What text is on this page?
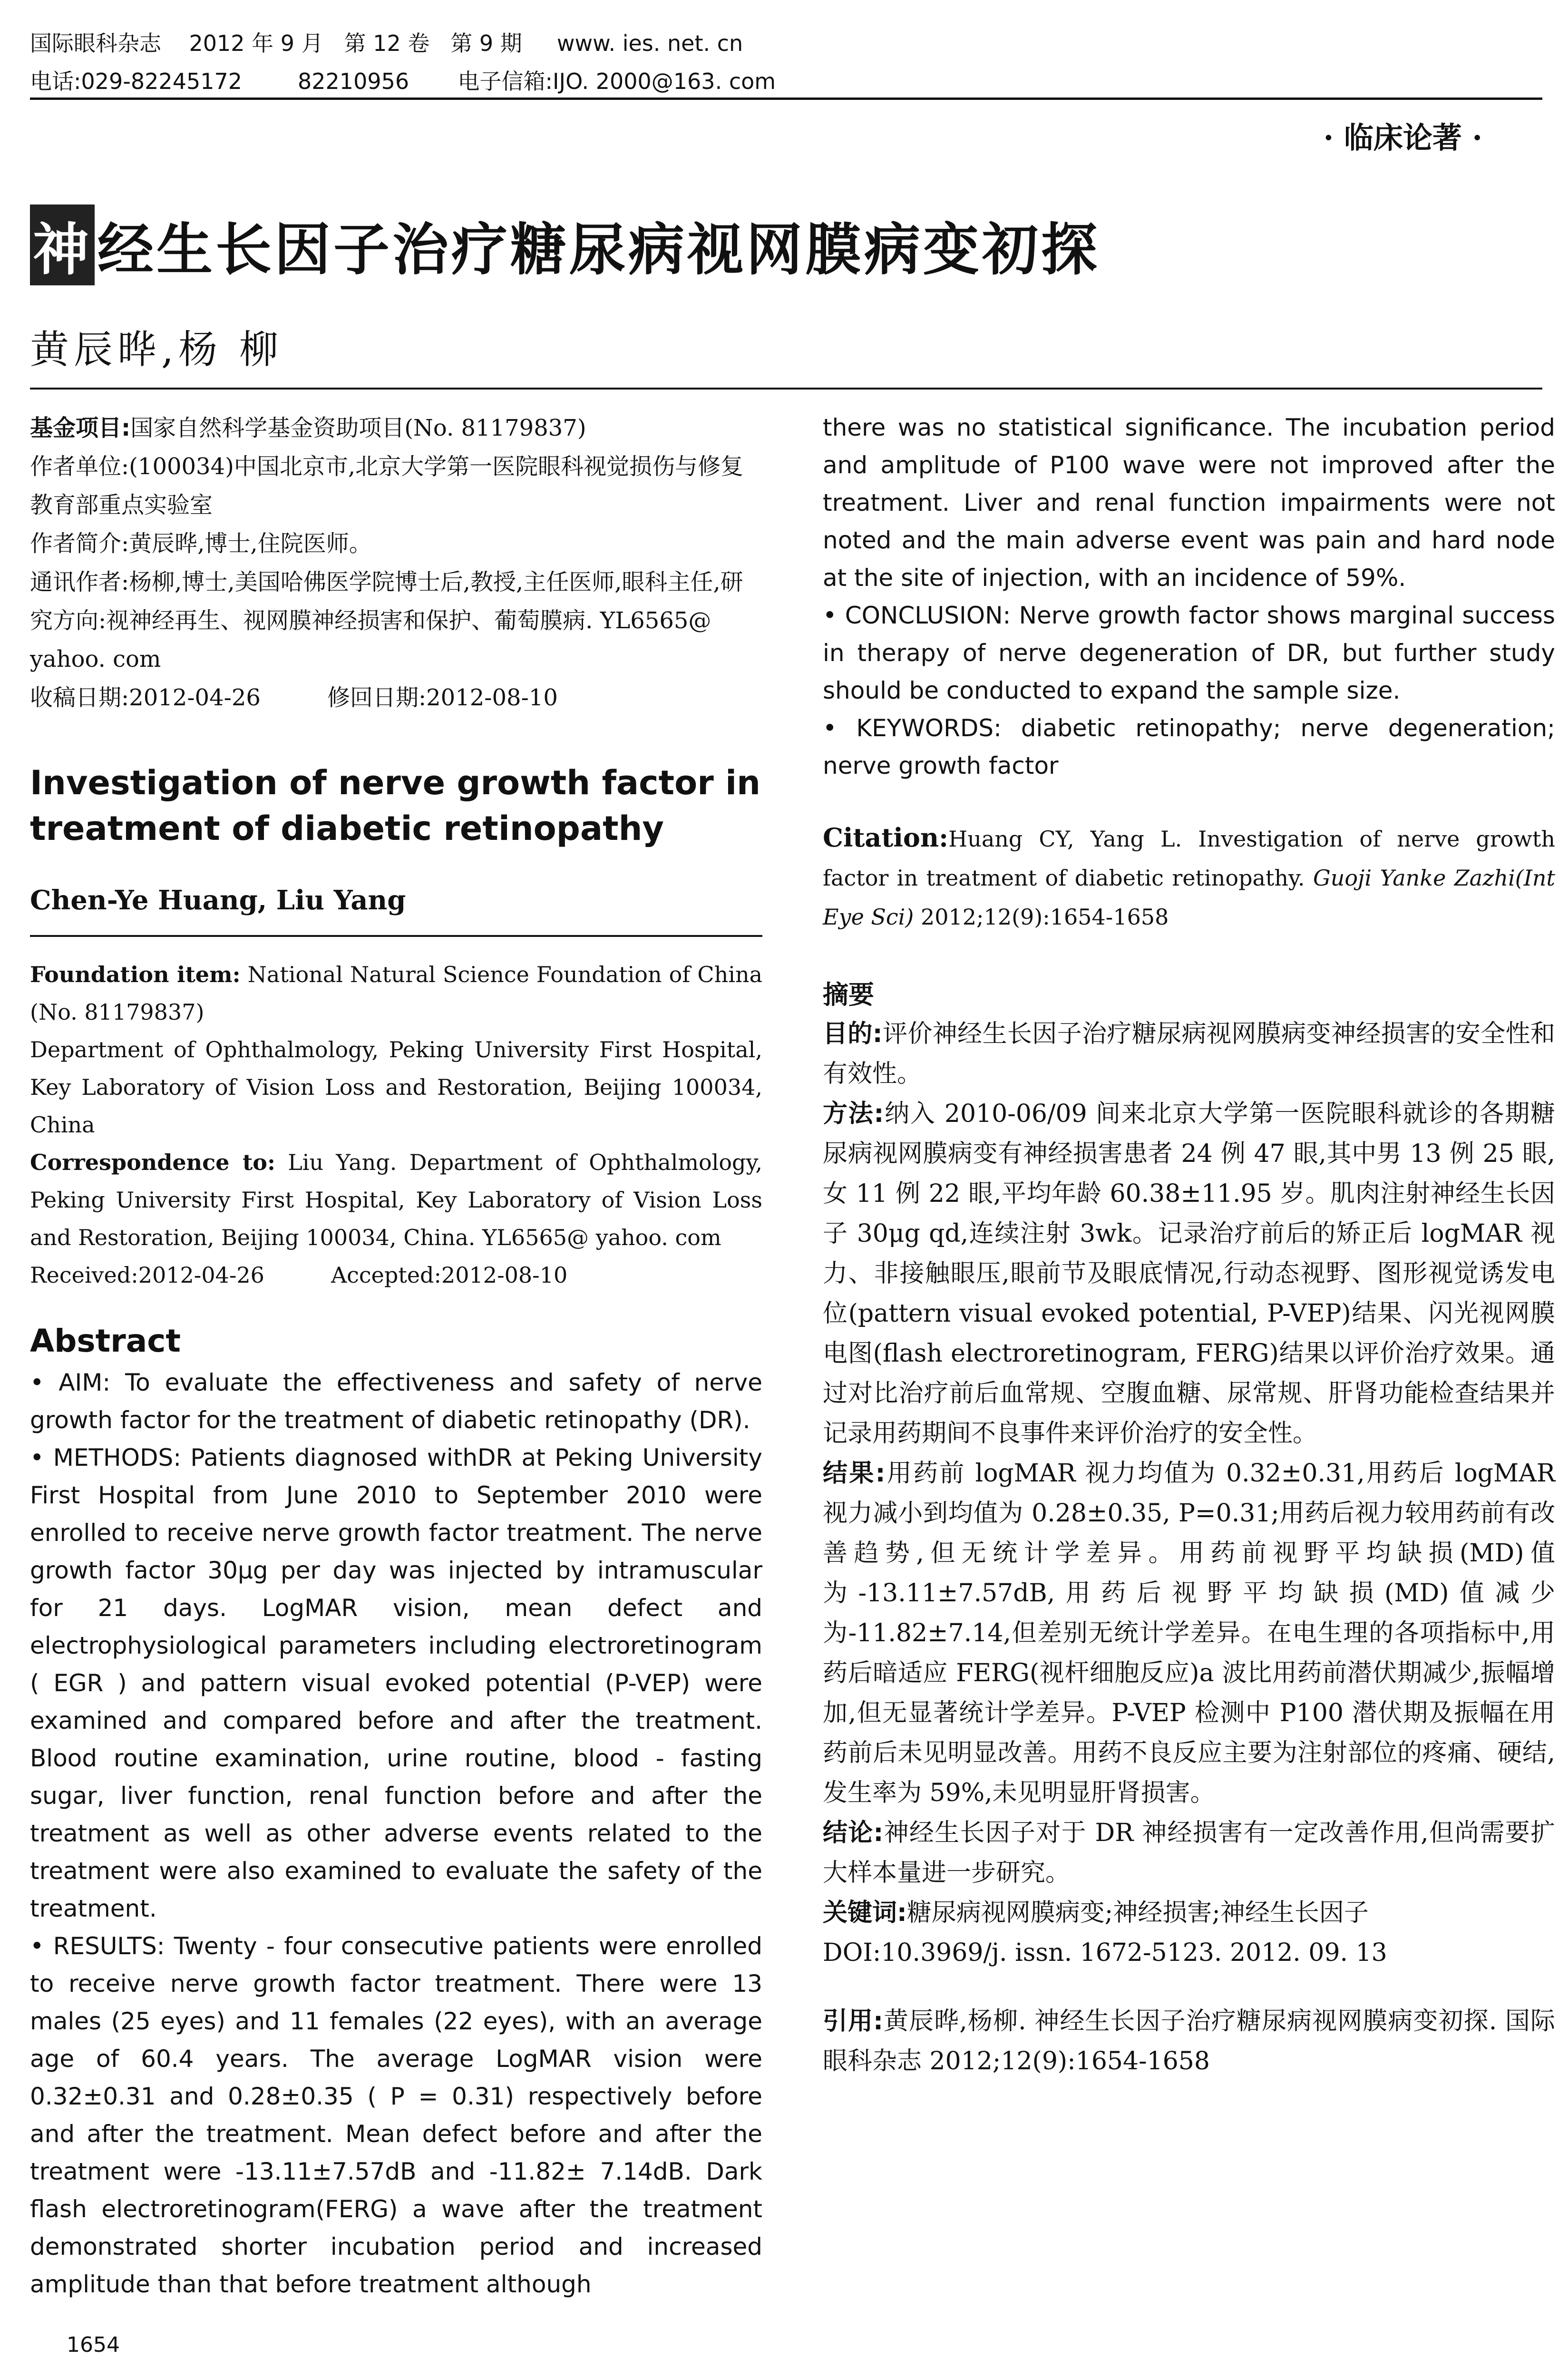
国际眼科杂志    2012 年 9 月   第 12 卷   第 9 期     www. ies. net. cn
电话:029-82245172        82210956       电子信箱:IJO. 2000@163. com
· 临床论著 ·
神 经生长因子治疗糖尿病视网膜病变初探
黄辰晔,杨 柳

基金项目:国家自然科学基金资助项目(No. 81179837)

作者单位:(100034)中国北京市,北京大学第一医院眼科视觉损伤与修复教育部重点实验室

作者简介:黄辰晔,博士,住院医师。

通讯作者:杨柳,博士,美国哈佛医学院博士后,教授,主任医师,眼科主任,研究方向:视神经再生、视网膜神经损害和保护、葡萄膜病. YL6565@ yahoo. com

收稿日期:2012-04-26	修回日期:2012-08-10

Investigation of nerve growth factor in treatment of diabetic retinopathy
Chen-Ye Huang, Liu Yang
Foundation item: National Natural Science Foundation of China (No. 81179837)
Department of Ophthalmology, Peking University First Hospital, Key Laboratory of Vision Loss and Restoration, Beijing 100034, China
Correspondence to: Liu Yang. Department of Ophthalmology, Peking University First Hospital, Key Laboratory of Vision Loss and Restoration, Beijing 100034, China. YL6565@ yahoo. com
Received:2012-04-26	Accepted:2012-08-10
Abstract

• AIM: To evaluate the effectiveness and safety of nerve growth factor for the treatment of diabetic retinopathy (DR).

• METHODS: Patients diagnosed withDR at Peking University First Hospital from June 2010 to September 2010 were enrolled to receive nerve growth factor treatment. The nerve growth factor 30μg per day was injected by intramuscular for 21 days. LogMAR vision, mean defect and electrophysiological parameters including electroretinogram ( EGR ) and pattern visual evoked potential (P-VEP) were examined and compared before and after the treatment. Blood routine examination, urine routine, blood - fasting sugar, liver function, renal function before and after the treatment as well as other adverse events related to the treatment were also examined to evaluate the safety of the treatment.

• RESULTS: Twenty - four consecutive patients were enrolled to receive nerve growth factor treatment. There were 13 males (25 eyes) and 11 females (22 eyes), with an average age of 60.4 years. The average LogMAR vision were 0.32±0.31 and 0.28±0.35 ( P = 0.31) respectively before and after the treatment. Mean defect before and after the treatment were -13.11±7.57dB and -11.82± 7.14dB. Dark flash electroretinogram(FERG) a wave after the treatment demonstrated shorter incubation period and increased amplitude than that before treatment although

there was no statistical significance. The incubation period and amplitude of P100 wave were not improved after the treatment. Liver and renal function impairments were not noted and the main adverse event was pain and hard node at the site of injection, with an incidence of 59%.

• CONCLUSION: Nerve growth factor shows marginal success in therapy of nerve degeneration of DR, but further study should be conducted to expand the sample size.

• KEYWORDS: diabetic retinopathy; nerve degeneration; nerve growth factor

Citation:Huang CY, Yang L. Investigation of nerve growth factor in treatment of diabetic retinopathy. Guoji Yanke Zazhi(Int Eye Sci) 2012;12(9):1654-1658
摘要
目的:评价神经生长因子治疗糖尿病视网膜病变神经损害的安全性和有效性。
方法:纳入 2010-06/09 间来北京大学第一医院眼科就诊的各期糖尿病视网膜病变有神经损害患者 24 例 47 眼,其中男 13 例 25 眼,女 11 例 22 眼,平均年龄 60.38±11.95 岁。肌肉注射神经生长因子 30μg qd,连续注射 3wk。记录治疗前后的矫正后 logMAR 视力、非接触眼压,眼前节及眼底情况,行动态视野、图形视觉诱发电位(pattern visual evoked potential, P-VEP)结果、闪光视网膜电图(flash electroretinogram, FERG)结果以评价治疗效果。通过对比治疗前后血常规、空腹血糖、尿常规、肝肾功能检查结果并记录用药期间不良事件来评价治疗的安全性。
结果:用药前 logMAR 视力均值为 0.32±0.31,用药后 logMAR 视力减小到均值为 0.28±0.35, P=0.31;用药后视力较用药前有改善趋势,但无统计学差异。用药前视野平均缺损(MD)值为-13.11±7.57dB,用药后视野平均缺损(MD)值减少为-11.82±7.14,但差别无统计学差异。在电生理的各项指标中,用药后暗适应 FERG(视杆细胞反应)a 波比用药前潜伏期减少,振幅增加,但无显著统计学差异。P-VEP 检测中 P100 潜伏期及振幅在用药前后未见明显改善。用药不良反应主要为注射部位的疼痛、硬结,发生率为 59%,未见明显肝肾损害。
结论:神经生长因子对于 DR 神经损害有一定改善作用,但尚需要扩大样本量进一步研究。
关键词:糖尿病视网膜病变;神经损害;神经生长因子
DOI:10.3969/j. issn. 1672-5123. 2012. 09. 13
引用:黄辰晔,杨柳. 神经生长因子治疗糖尿病视网膜病变初探. 国际眼科杂志 2012;12(9):1654-1658
1654
